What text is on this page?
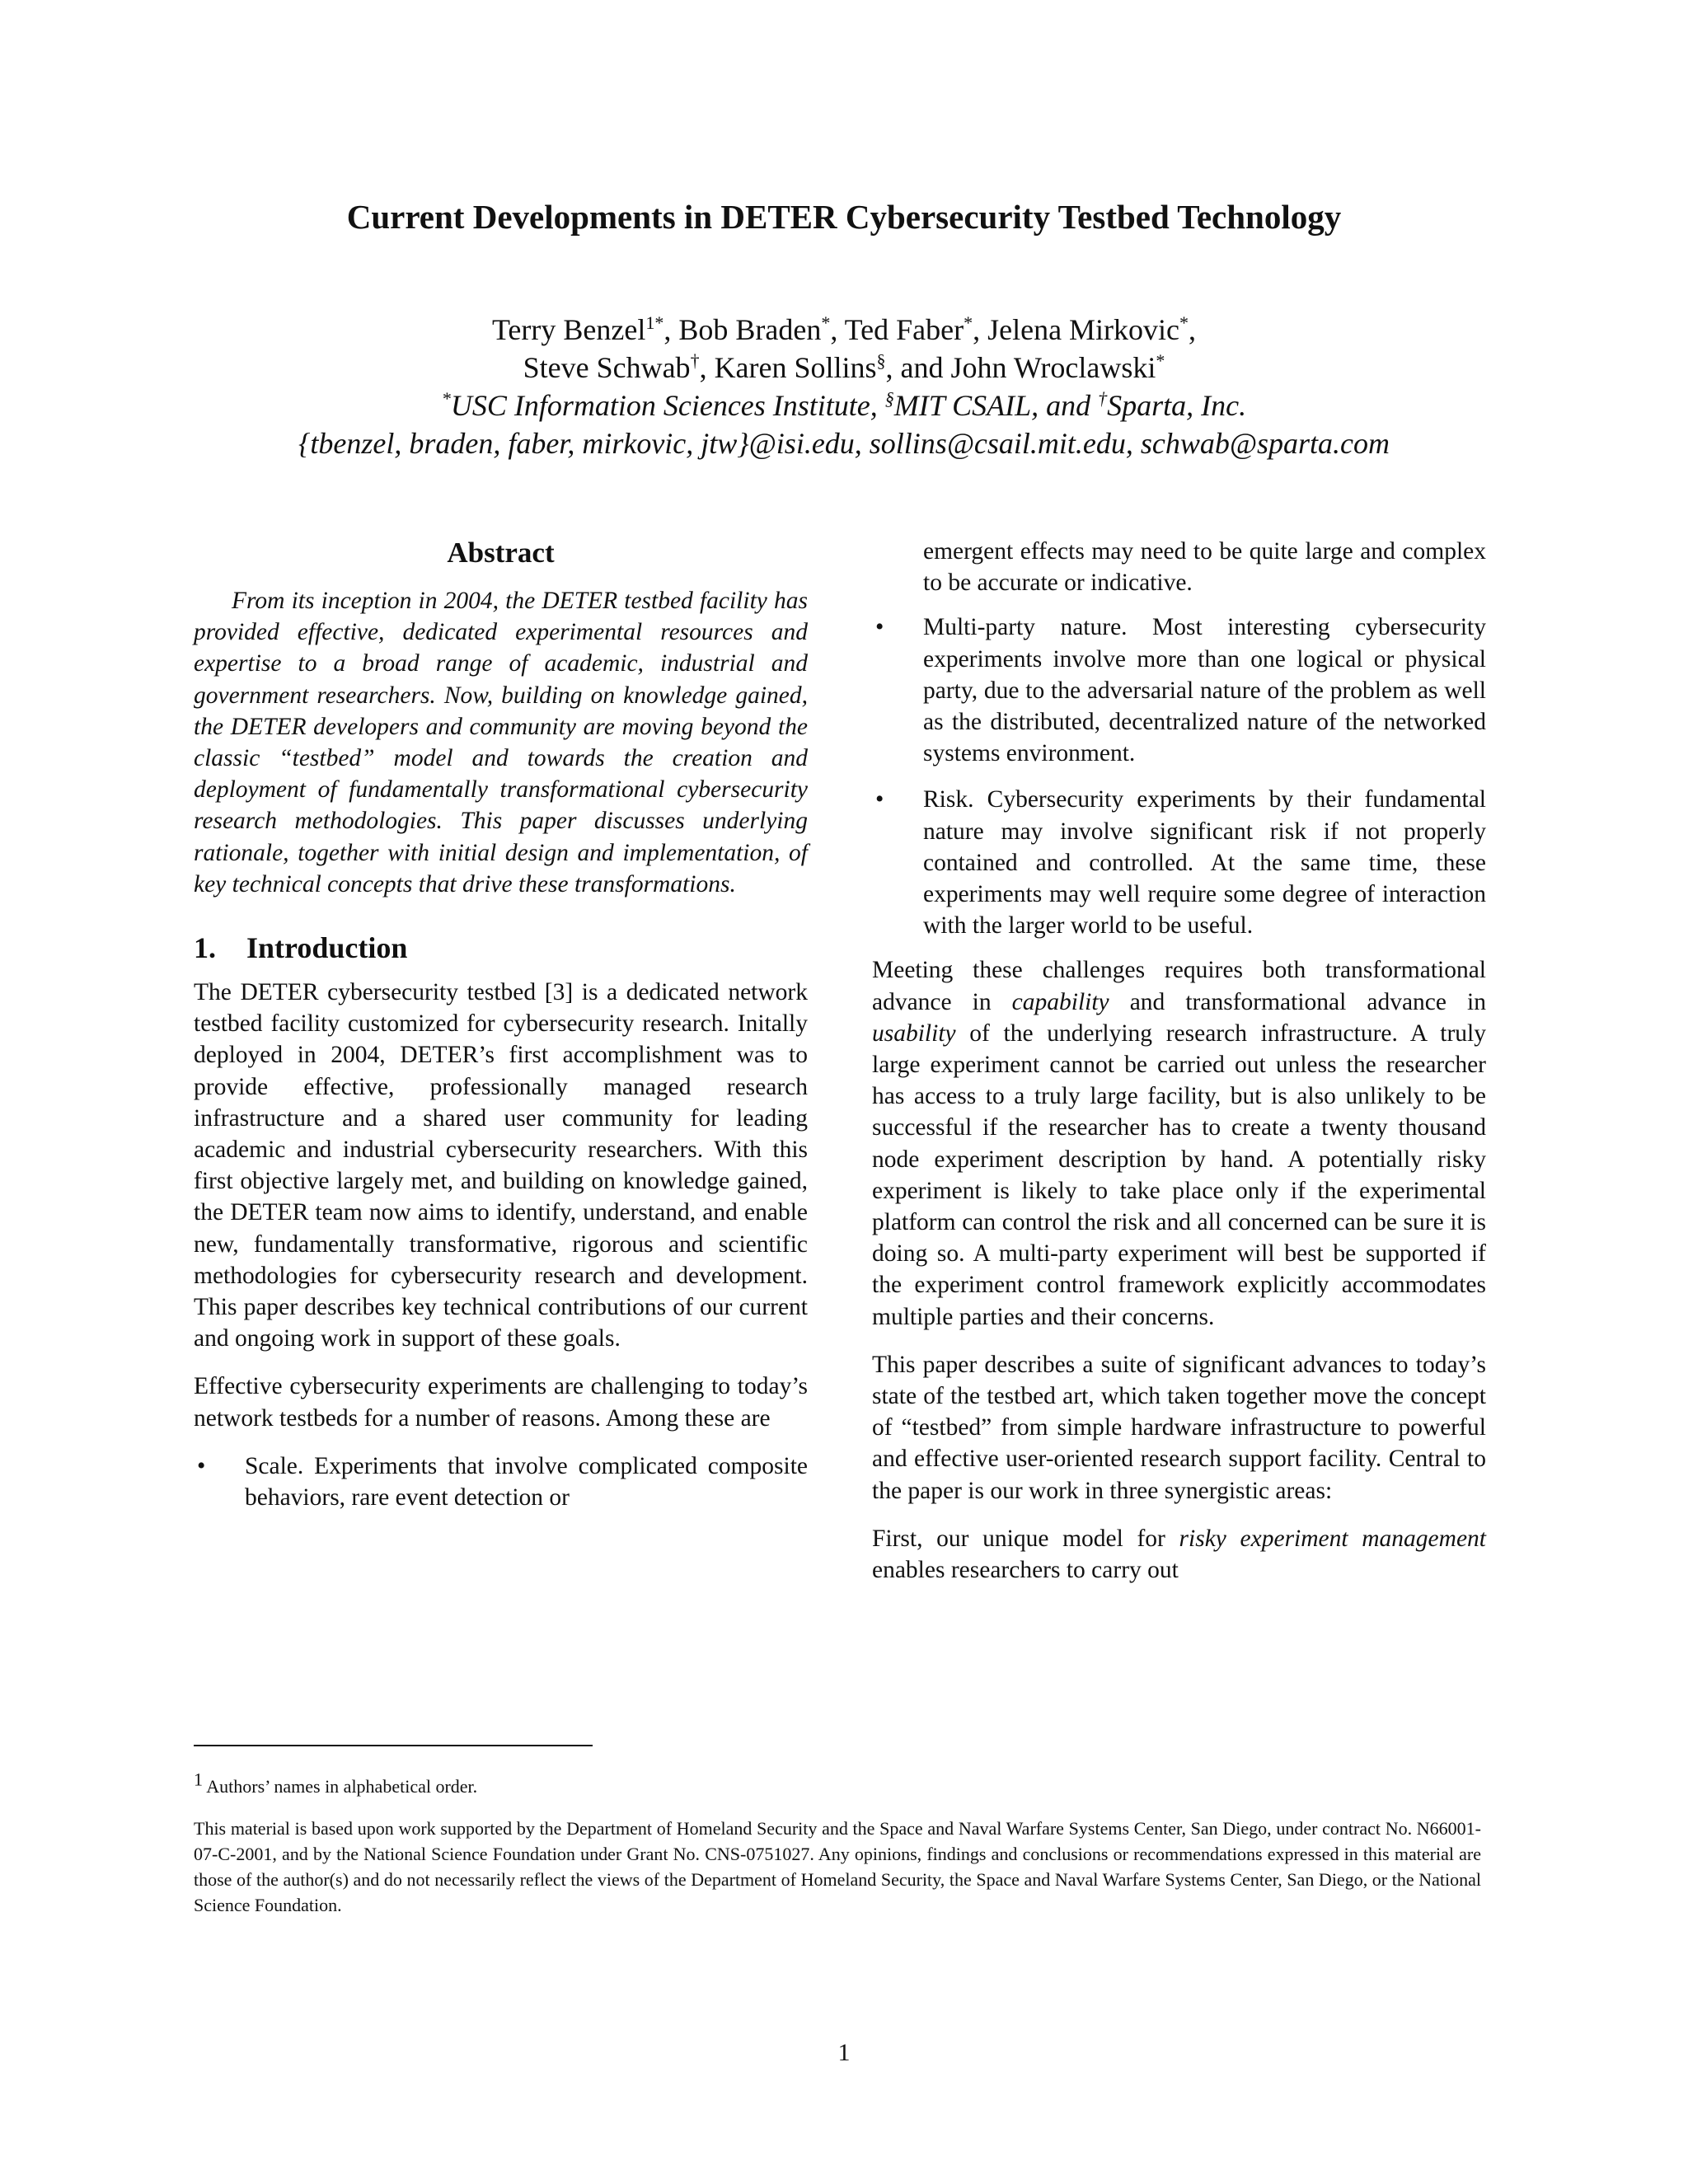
Current Developments in DETER Cybersecurity Testbed Technology
Terry Benzel$^{1*}$, Bob Braden*, Ted Faber*, Jelena Mirkovic*,
Steve Schwab†, Karen Sollins§, and John Wroclawski*
*USC Information Sciences Institute, §MIT CSAIL, and †Sparta, Inc.
{tbenzel, braden, faber, mirkovic, jtw}@isi.edu, sollins@csail.mit.edu, schwab@sparta.com
Abstract

From its inception in 2004, the DETER testbed facility has provided effective, dedicated experimental resources and expertise to a broad range of academic, industrial and government researchers. Now, building on knowledge gained, the DETER developers and community are moving beyond the classic “testbed” model and towards the creation and deployment of fundamentally transformational cybersecurity research methodologies. This paper discusses underlying rationale, together with initial design and implementation, of key technical concepts that drive these transformations.

1. Introduction

The DETER cybersecurity testbed [3] is a dedicated network testbed facility customized for cybersecurity research. Initally deployed in 2004, DETER’s first accomplishment was to provide effective, professionally managed research infrastructure and a shared user community for leading academic and industrial cybersecurity researchers. With this first objective largely met, and building on knowledge gained, the DETER team now aims to identify, understand, and enable new, fundamentally transformative, rigorous and scientific methodologies for cybersecurity research and development. This paper describes key technical contributions of our current and ongoing work in support of these goals.

Effective cybersecurity experiments are challenging to today’s network testbeds for a number of reasons. Among these are

• Scale. Experiments that involve complicated composite behaviors, rare event detection or
emergent effects may need to be quite large and complex to be accurate or indicative.
• Multi-party nature. Most interesting cybersecurity experiments involve more than one logical or physical party, due to the adversarial nature of the problem as well as the distributed, decentralized nature of the networked systems environment.
• Risk. Cybersecurity experiments by their fundamental nature may involve significant risk if not properly contained and controlled. At the same time, these experiments may well require some degree of interaction with the larger world to be useful.

Meeting these challenges requires both transformational advance in capability and transformational advance in usability of the underlying research infrastructure. A truly large experiment cannot be carried out unless the researcher has access to a truly large facility, but is also unlikely to be successful if the researcher has to create a twenty thousand node experiment description by hand. A potentially risky experiment is likely to take place only if the experimental platform can control the risk and all concerned can be sure it is doing so. A multi-party experiment will best be supported if the experiment control framework explicitly accommodates multiple parties and their concerns.

This paper describes a suite of significant advances to today’s state of the testbed art, which taken together move the concept of “testbed” from simple hardware infrastructure to powerful and effective user-oriented research support facility. Central to the paper is our work in three synergistic areas:

First, our unique model for risky experiment management enables researchers to carry out

$^1$ Authors’ names in alphabetical order.
This material is based upon work supported by the Department of Homeland Security and the Space and Naval Warfare Systems Center, San Diego, under contract No. N66001-07-C-2001, and by the National Science Foundation under Grant No. CNS-0751027. Any opinions, findings and conclusions or recommendations expressed in this material are those of the author(s) and do not necessarily reflect the views of the Department of Homeland Security, the Space and Naval Warfare Systems Center, San Diego, or the National Science Foundation.
1
